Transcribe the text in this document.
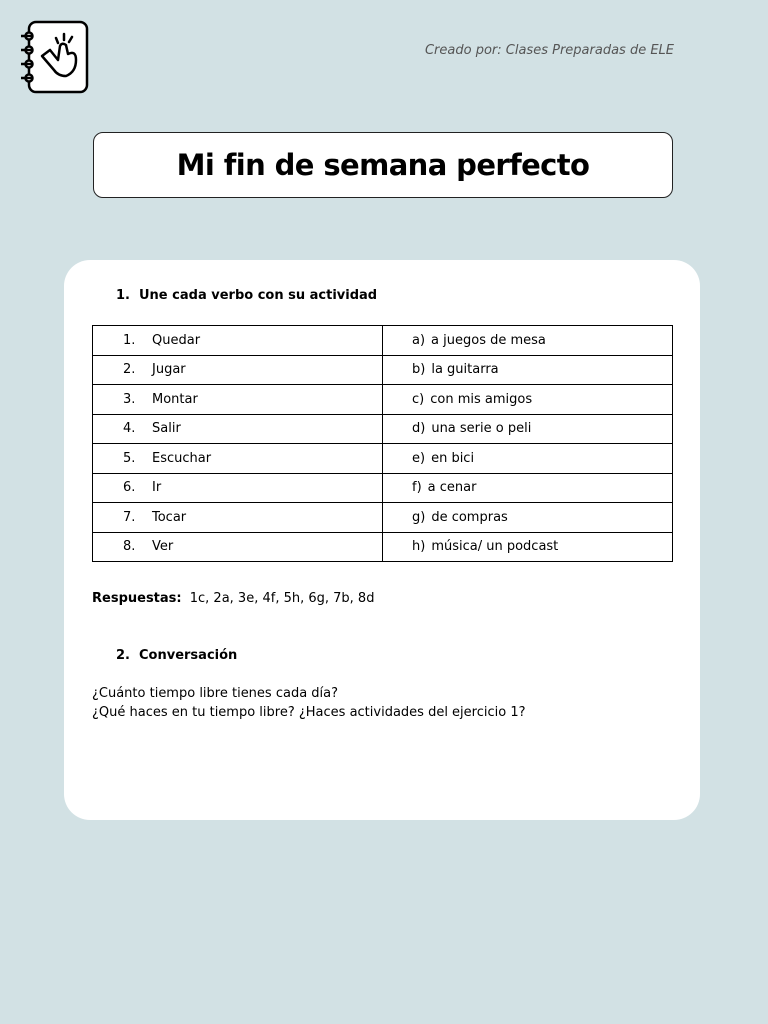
Creado por: Clases Preparadas de ELE
Mi fin de semana perfecto

1. Une cada verbo con su actividad

1. Quedar	a) a juegos de mesa
2. Jugar	b) la guitarra
3. Montar	c) con mis amigos
4. Salir	d) una serie o peli
5. Escuchar	e) en bici
6. Ir	f) a cenar
7. Tocar	g) de compras
8. Ver	h) música/ un podcast

Respuestas: 1c, 2a, 3e, 4f, 5h, 6g, 7b, 8d

2. Conversación

¿Cuánto tiempo libre tienes cada día?

¿Qué haces en tu tiempo libre? ¿Haces actividades del ejercicio 1?
